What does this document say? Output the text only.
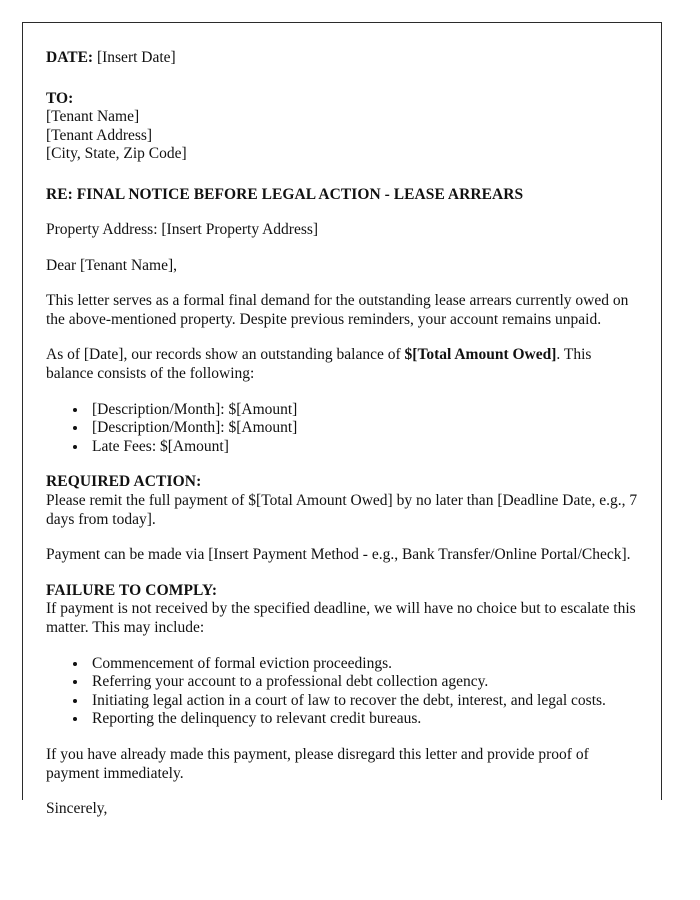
DATE: [Insert Date]
TO:
[Tenant Name]
[Tenant Address]
[City, State, Zip Code]
RE: FINAL NOTICE BEFORE LEGAL ACTION - LEASE ARREARS

Property Address: [Insert Property Address]

Dear [Tenant Name],

This letter serves as a formal final demand for the outstanding lease arrears currently owed on the above-mentioned property. Despite previous reminders, your account remains unpaid.

As of [Date], our records show an outstanding balance of $[Total Amount Owed]. This balance consists of the following:

• [Description/Month]: $[Amount]
• [Description/Month]: $[Amount]
• Late Fees: $[Amount]
REQUIRED ACTION:

Please remit the full payment of $[Total Amount Owed] by no later than [Deadline Date, e.g., 7 days from today].

Payment can be made via [Insert Payment Method - e.g., Bank Transfer/Online Portal/Check].

FAILURE TO COMPLY:

If payment is not received by the specified deadline, we will have no choice but to escalate this matter. This may include:

• Commencement of formal eviction proceedings.
• Referring your account to a professional debt collection agency.
• Initiating legal action in a court of law to recover the debt, interest, and legal costs.
• Reporting the delinquency to relevant credit bureaus.

If you have already made this payment, please disregard this letter and provide proof of payment immediately.

Sincerely,
